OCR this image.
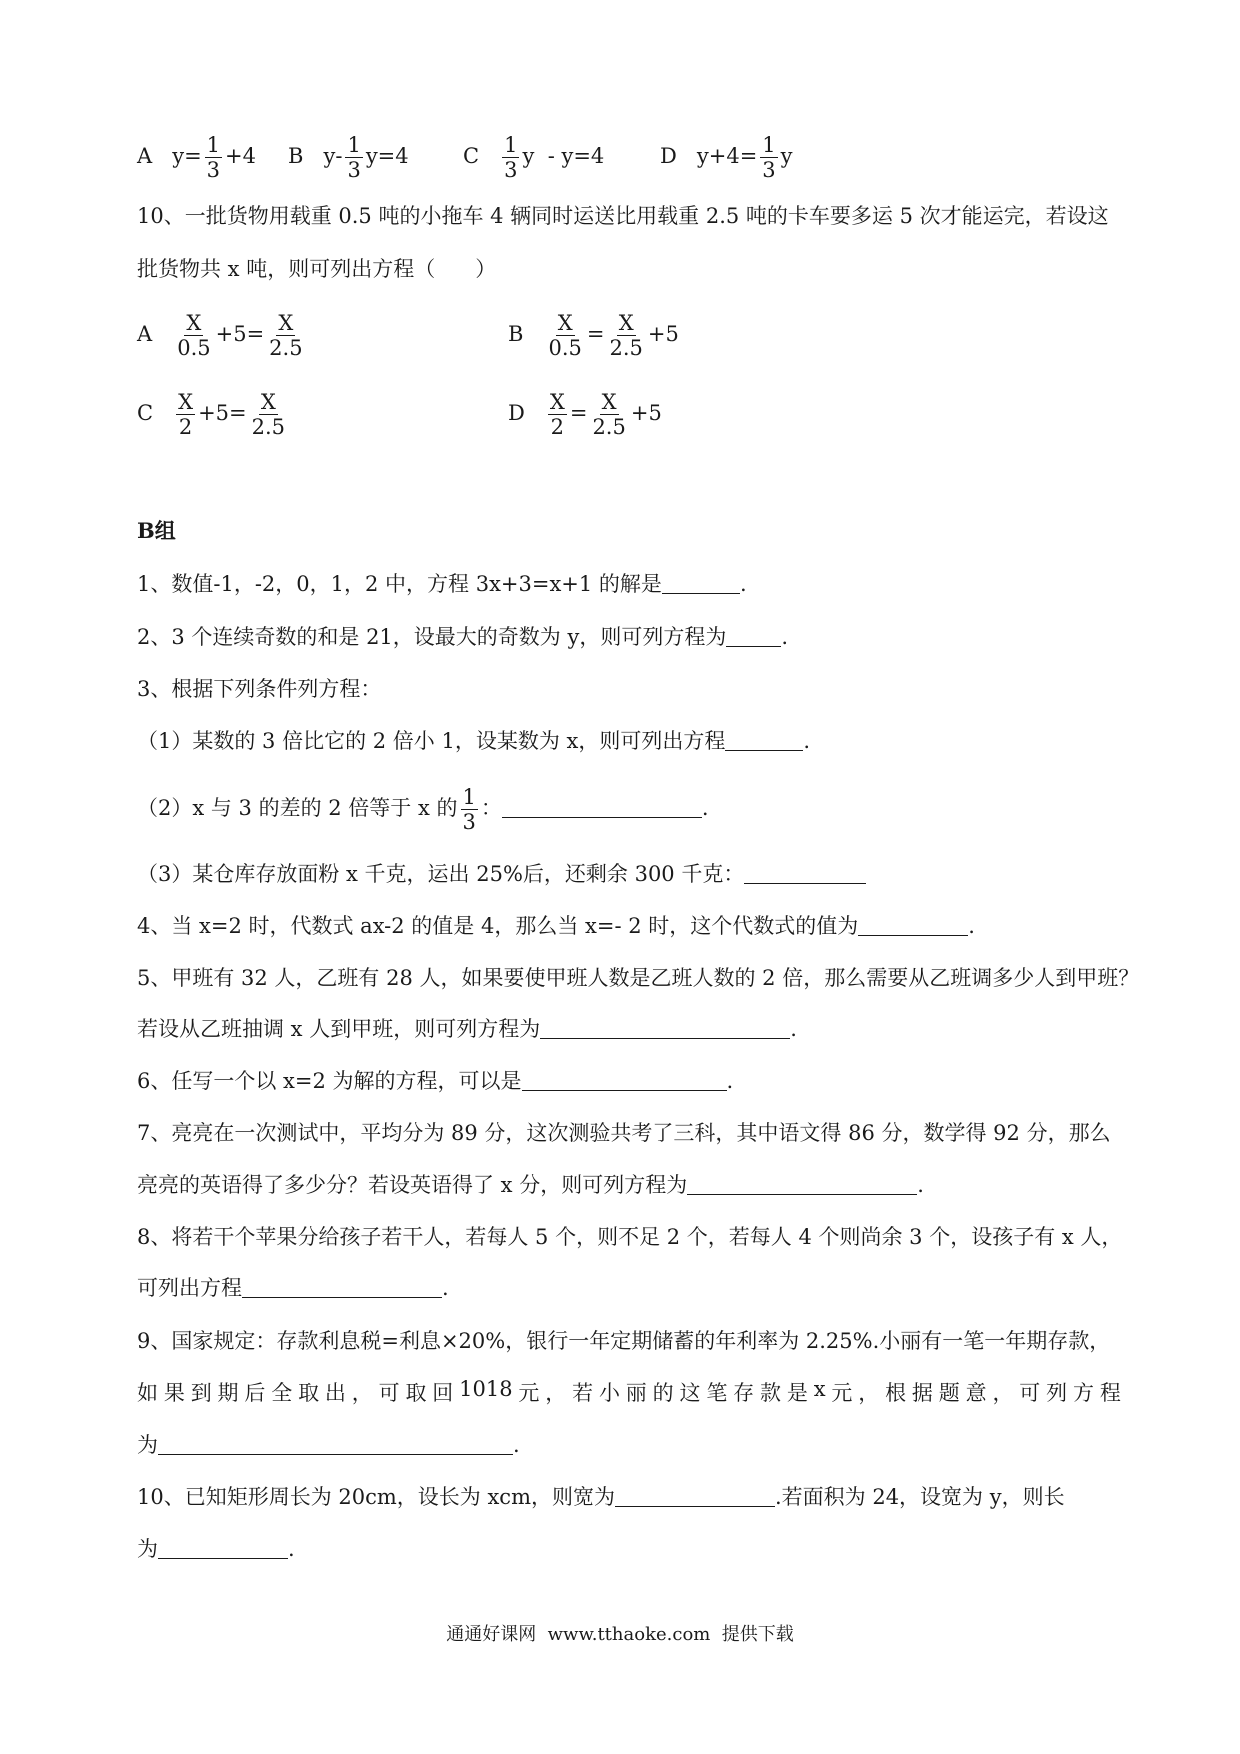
A $y= \frac{1}{3} +4$ B $y- \frac{1}{3} y=4$	C $\frac{1}{3}$ y  - y=4	D $y+4= \frac{1}{3}$ y
10、一批货物用载重 0.5 吨的小拖车 4 辆同时运送比用载重 2.5 吨的卡车要多运 5 次才能运完，若设这
批货物共 x 吨，则可列出方程（      ）
A $\frac{X}{0.5} +5= \frac{X}{2.5}$	B $\frac{X}{0.5} = \frac{X}{2.5} +5$
C $\frac{X}{2} +5= \frac{X}{2.5}$	D $\frac{X}{2} = \frac{X}{2.5} +5$
B组
1、数值-1，-2，0，1，2 中，方程 3x+3=x+1 的解是	.
2、3 个连续奇数的和是 21，设最大的奇数为 y，则可列方程为	.
3、根据下列条件列方程：
（1）某数的 3 倍比它的 2 倍小 1，设某数为 x，则可列出方程	.
（2）x 与 3 的差的 2 倍等于 x 的 $\frac{1}{3}$ ：	.
（3）某仓库存放面粉 x 千克，运出 25%后，还剩余 300 千克：
4、当 x=2 时，代数式 ax-2 的值是 4，那么当 x=- 2 时，这个代数式的值为	.
5、甲班有 32 人，乙班有 28 人，如果要使甲班人数是乙班人数的 2 倍，那么需要从乙班调多少人到甲班？
若设从乙班抽调 x 人到甲班，则可列方程为	.
6、任写一个以 x=2 为解的方程，可以是	.
7、亮亮在一次测试中，平均分为 89 分，这次测验共考了三科，其中语文得 86 分，数学得 92 分，那么
亮亮的英语得了多少分？若设英语得了 x 分，则可列方程为	.
8、将若干个苹果分给孩子若干人，若每人 5 个，则不足 2 个，若每人 4 个则尚余 3 个，设孩子有 x 人，
可列出方程	.
9、国家规定：存款利息税=利息×20%，银行一年定期储蓄的年利率为 2.25%.小丽有一笔一年期存款，
如 果 到 期 后 全 取 出 ， 可 取 回 1018 元 ， 若 小 丽 的 这 笔 存 款 是 x 元 ， 根 据 题 意 ， 可 列 方 程
为	.
10、已知矩形周长为 20cm，设长为 xcm，则宽为	.若面积为 24，设宽为 y，则长
为	.
通通好课网  www.tthaoke.com  提供下载
